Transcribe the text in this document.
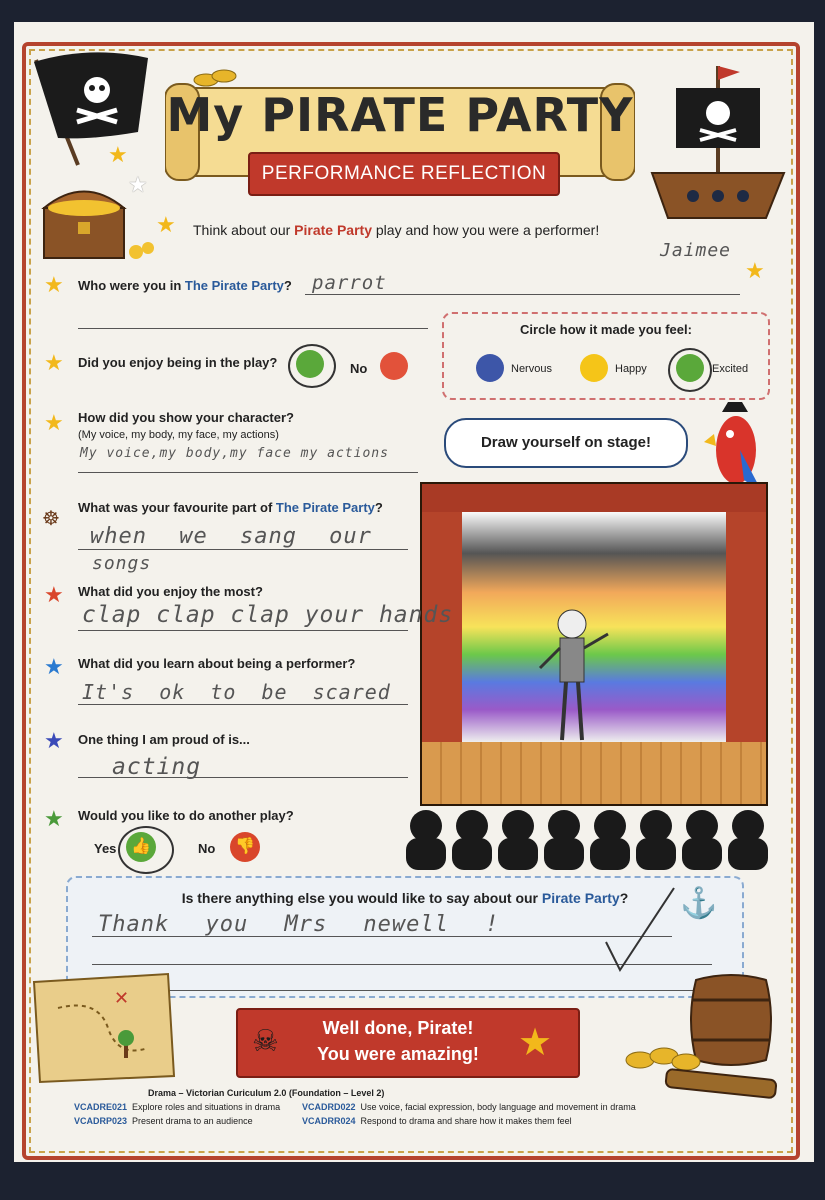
My PIRATE PARTY
PERFORMANCE REFLECTION
★
★
★
★
Think about our Pirate Party play and how you were a performer!
Jaimee
★ Who were you in The Pirate Party? parrot
Circle how it made you feel:
Nervous	Happy	Excited
★ Did you enjoy being in the play?	No
★ How did you show your character?
(My voice, my body, my face, my actions)
My voice,my body,my face my actions
Draw yourself on stage!
☸
What was your favourite part of The Pirate Party?
when we sang our
songs
★ What did you enjoy the most?
clap clap clap your hands
★ What did you learn about being a performer?
It's ok to be scared
★ One thing I am proud of is...
acting
★ Would you like to do another play?
Yes 👍	No	👎
Is there anything else you would like to say about our Pirate Party?
Thank you Mrs newell !
⚓
✕
Well done, Pirate!
You were amazing!
☠	★
Drama – Victorian Curiculum 2.0 (Foundation – Level 2)
VCADRE021 Explore roles and situations in drama VCADRD022 Use voice, facial expression, body language and movement in drama
VCADRP023 Present drama to an audience	VCADRR024 Respond to drama and share how it makes them feel
